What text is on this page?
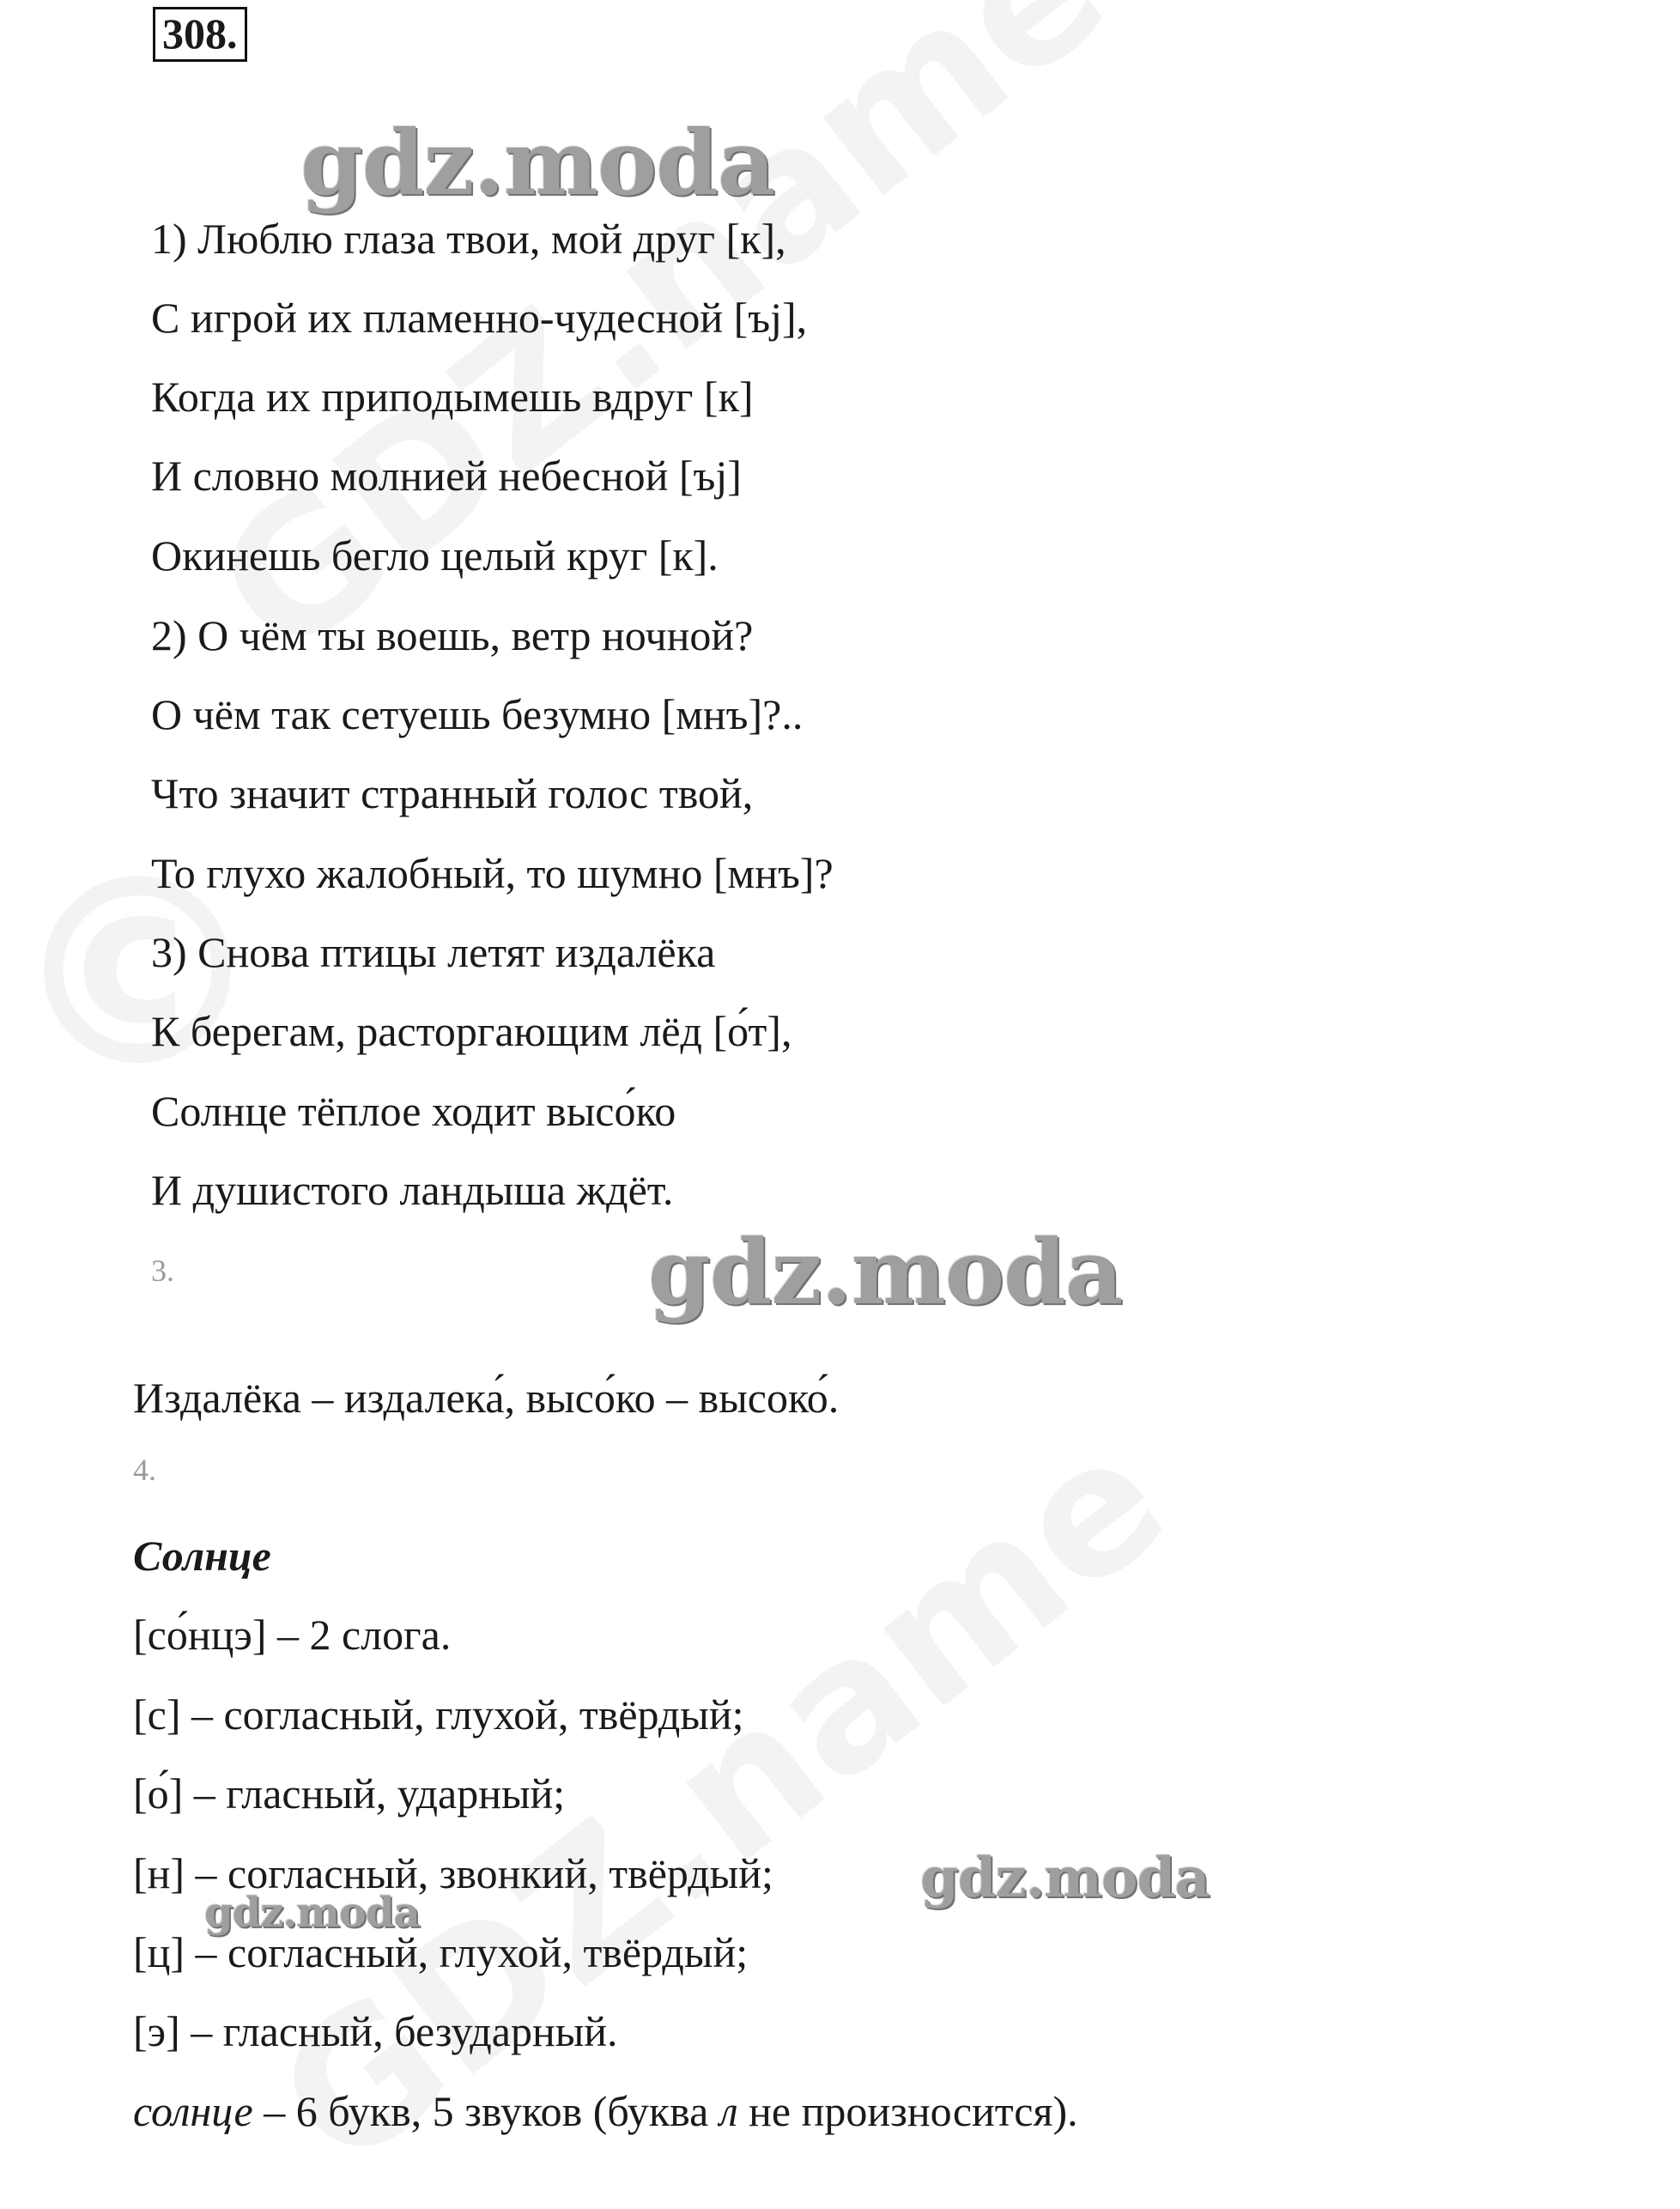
308.
1) Люблю глаза твои, мой друг [к],
С игрой их пламенно-чудесной [ъj],
Когда их приподымешь вдруг [к]
И словно молнией небесной [ъj]
Окинешь бегло целый круг [к].
2) О чём ты воешь, ветр ночной?
О чём так сетуешь безумно [мнъ]?..
Что значит странный голос твой,
То глухо жалобный, то шумно [мнъ]?
3) Снова птицы летят издалёка
К берегам, расторгающим лёд [о́т],
Солнце тёплое ходит высо́ко
И душистого ландыша ждёт.
3.
Издалёка – издалека́, высо́ко – высоко́.
4.
Солнце
[со́нцэ] – 2 слога.
[с] – согласный, глухой, твёрдый;
[о́] – гласный, ударный;
[н] – согласный, звонкий, твёрдый;
[ц] – согласный, глухой, твёрдый;
[э] – гласный, безударный.
солнце – 6 букв, 5 звуков (буква л не произносится).
gdz.moda
gdz.moda
gdz.moda
gdz.moda
